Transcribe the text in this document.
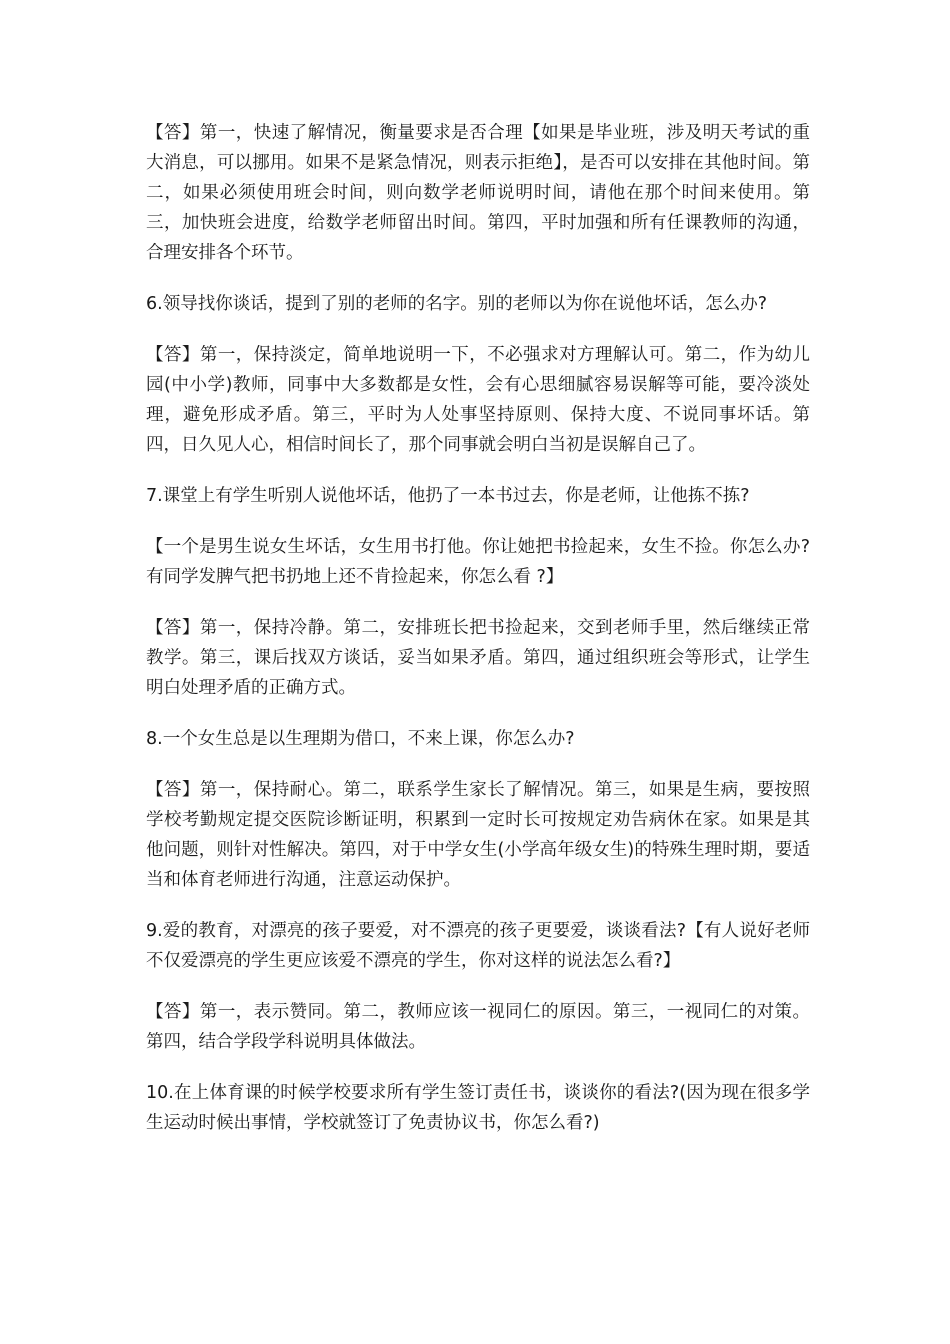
【答】第一，快速了解情况，衡量要求是否合理【如果是毕业班，涉及明天考试的重大消息，可以挪用。如果不是紧急情况，则表示拒绝】，是否可以安排在其他时间。第二，如果必须使用班会时间，则向数学老师说明时间，请他在那个时间来使用。第三，加快班会进度，给数学老师留出时间。第四，平时加强和所有任课教师的沟通，合理安排各个环节。

6.领导找你谈话，提到了别的老师的名字。别的老师以为你在说他坏话，怎么办?

【答】第一，保持淡定，简单地说明一下，不必强求对方理解认可。第二，作为幼儿园(中小学)教师，同事中大多数都是女性，会有心思细腻容易误解等可能，要冷淡处理，避免形成矛盾。第三，平时为人处事坚持原则、保持大度、不说同事坏话。第四，日久见人心，相信时间长了，那个同事就会明白当初是误解自己了。

7.课堂上有学生听别人说他坏话，他扔了一本书过去，你是老师，让他拣不拣?

【一个是男生说女生坏话，女生用书打他。你让她把书捡起来，女生不捡。你怎么办?有同学发脾气把书扔地上还不肯捡起来，你怎么看 ?】

【答】第一，保持冷静。第二，安排班长把书捡起来，交到老师手里，然后继续正常教学。第三，课后找双方谈话，妥当如果矛盾。第四，通过组织班会等形式，让学生明白处理矛盾的正确方式。

8.一个女生总是以生理期为借口，不来上课，你怎么办?

【答】第一，保持耐心。第二，联系学生家长了解情况。第三，如果是生病，要按照学校考勤规定提交医院诊断证明，积累到一定时长可按规定劝告病休在家。如果是其他问题，则针对性解决。第四，对于中学女生(小学高年级女生)的特殊生理时期，要适当和体育老师进行沟通，注意运动保护。

9.爱的教育，对漂亮的孩子要爱，对不漂亮的孩子更要爱，谈谈看法?【有人说好老师不仅爱漂亮的学生更应该爱不漂亮的学生，你对这样的说法怎么看?】

【答】第一，表示赞同。第二，教师应该一视同仁的原因。第三，一视同仁的对策。第四，结合学段学科说明具体做法。

10.在上体育课的时候学校要求所有学生签订责任书，谈谈你的看法?(因为现在很多学生运动时候出事情，学校就签订了免责协议书，你怎么看?)
